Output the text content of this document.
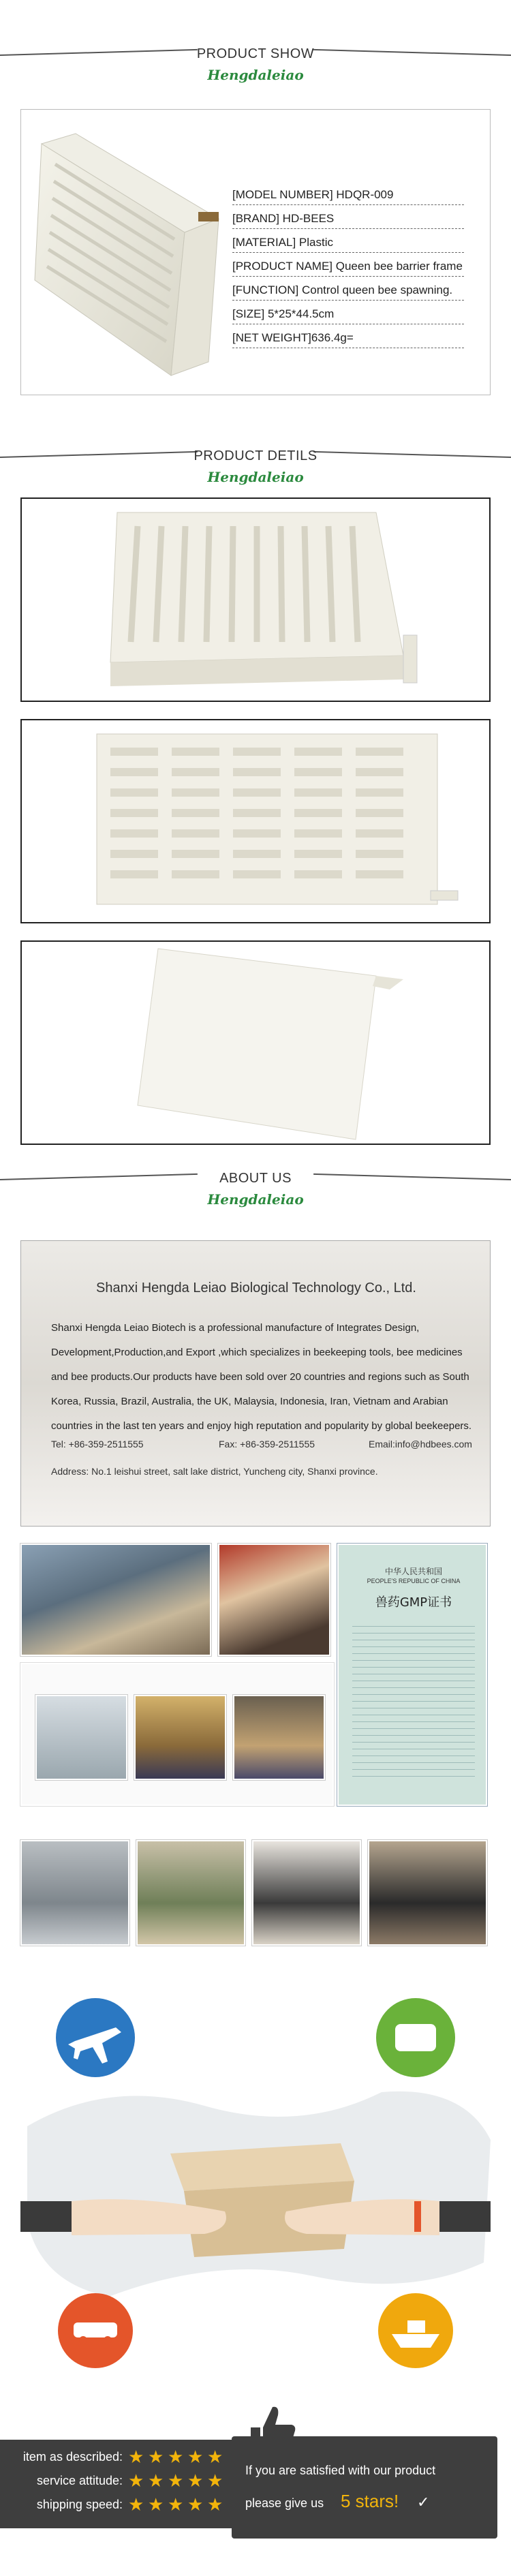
PRODUCT SHOW
Hengdaleiao
[MODEL NUMBER] HDQR-009
[BRAND] HD-BEES
[MATERIAL] Plastic
[PRODUCT NAME] Queen bee barrier frame
[FUNCTION] Control queen bee spawning.
[SIZE] 5*25*44.5cm
[NET WEIGHT]636.4g=
PRODUCT DETILS
Hengdaleiao
ABOUT US
Hengdaleiao
Shanxi Hengda Leiao Biological Technology Co., Ltd.
Shanxi Hengda Leiao Biotech is a professional manufacture of Integrates Design, Development,Production,and Export ,which specializes in beekeeping tools, bee medicines and bee products.Our products have been sold over 20 countries and regions such as South Korea, Russia, Brazil, Australia, the UK, Malaysia, Indonesia, Iran, Vietnam and Arabian countries in the last ten years and enjoy high reputation and popularity by global beekeepers.
Tel: +86-359-2511555	Fax: +86-359-2511555	Email:info@hdbees.com
Address: No.1 leishui street, salt lake district, Yuncheng city, Shanxi province.
中华人民共和国
PEOPLE'S REPUBLIC OF CHINA
兽药GMP证书
item as described:
service attitude:
shipping speed:
★ ★ ★ ★ ★
★ ★ ★ ★ ★
★ ★ ★ ★ ★
If you are satisfied with our product
please give us 5 stars! ✓
